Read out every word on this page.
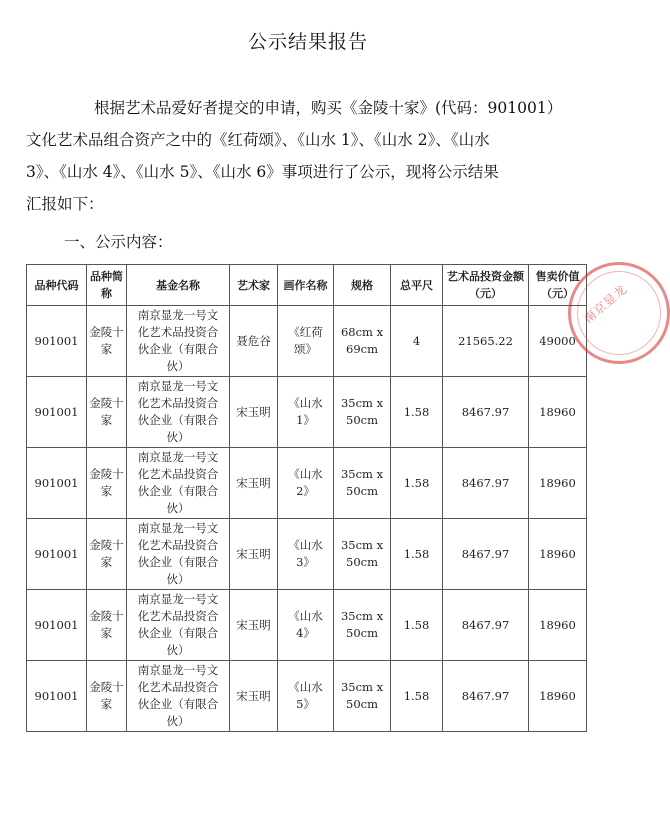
公示结果报告
根据艺术品爱好者提交的申请，购买《金陵十家》(代码：901001）
文化艺术品组合资产之中的《红荷颂》、《山水 1》、《山水 2》、《山水
3》、《山水 4》、《山水 5》、《山水 6》事项进行了公示，现将公示结果
汇报如下：
一、公示内容：
品种代码	品种简称	基金名称	艺术家	画作名称	规格	总平尺	艺术品投资金额（元）	售卖价值（元）
901001	金陵十家	南京显龙一号文化艺术品投资合伙企业（有限合伙）	聂危谷	《红荷颂》	68cm x 69cm	4	21565.22	49000
901001	金陵十家	南京显龙一号文化艺术品投资合伙企业（有限合伙）	宋玉明	《山水 1》	35cm x 50cm	1.58	8467.97	18960
901001	金陵十家	南京显龙一号文化艺术品投资合伙企业（有限合伙）	宋玉明	《山水 2》	35cm x 50cm	1.58	8467.97	18960
901001	金陵十家	南京显龙一号文化艺术品投资合伙企业（有限合伙）	宋玉明	《山水 3》	35cm x 50cm	1.58	8467.97	18960
901001	金陵十家	南京显龙一号文化艺术品投资合伙企业（有限合伙）	宋玉明	《山水 4》	35cm x 50cm	1.58	8467.97	18960
901001	金陵十家	南京显龙一号文化艺术品投资合伙企业（有限合伙）	宋玉明	《山水 5》	35cm x 50cm	1.58	8467.97	18960
南京显龙
